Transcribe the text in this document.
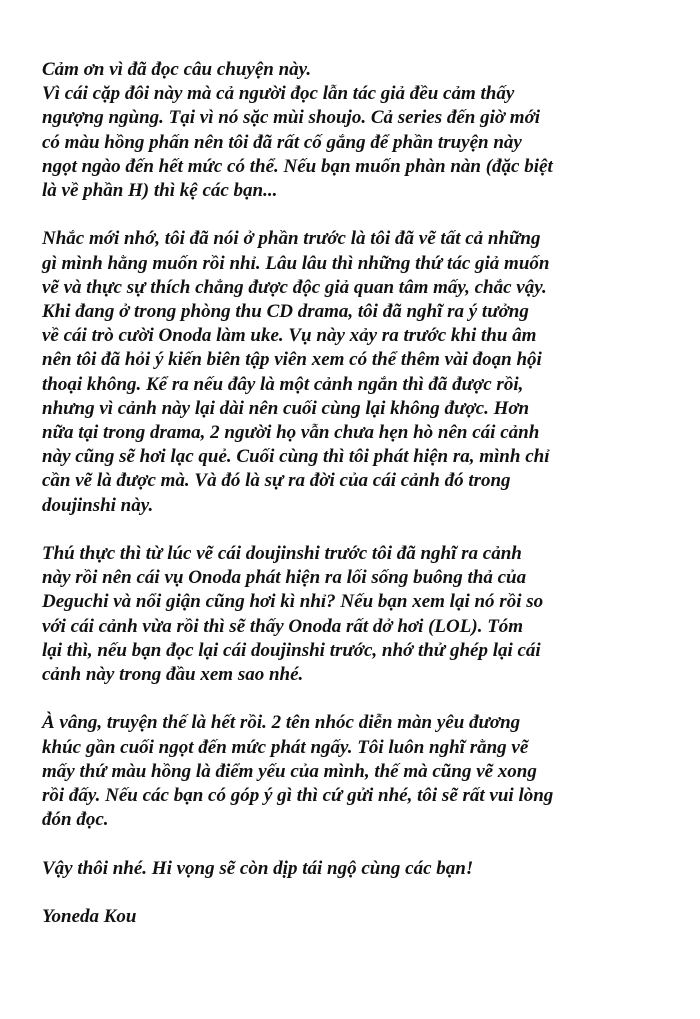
Cảm ơn vì đã đọc câu chuyện này.
Vì cái cặp đôi này mà cả người đọc lẫn tác giả đều cảm thấy
ngượng ngùng. Tại vì nó sặc mùi shoujo. Cả series đến giờ mới
có màu hồng phấn nên tôi đã rất cố gắng để phần truyện này
ngọt ngào đến hết mức có thể. Nếu bạn muốn phàn nàn (đặc biệt
là về phần H) thì kệ các bạn...
Nhắc mới nhớ, tôi đã nói ở phần trước là tôi đã vẽ tất cả những
gì mình hằng muốn rồi nhỉ. Lâu lâu thì những thứ tác giả muốn
vẽ và thực sự thích chẳng được độc giả quan tâm mấy, chắc vậy.
Khi đang ở trong phòng thu CD drama, tôi đã nghĩ ra ý tưởng
về cái trò cười Onoda làm uke. Vụ này xảy ra trước khi thu âm
nên tôi đã hỏi ý kiến biên tập viên xem có thể thêm vài đoạn hội
thoại không. Kể ra nếu đây là một cảnh ngắn thì đã được rồi,
nhưng vì cảnh này lại dài nên cuối cùng lại không được. Hơn
nữa tại trong drama, 2 người họ vẫn chưa hẹn hò nên cái cảnh
này cũng sẽ hơi lạc quẻ. Cuối cùng thì tôi phát hiện ra, mình chỉ
cần vẽ là được mà. Và đó là sự ra đời của cái cảnh đó trong
doujinshi này.
Thú thực thì từ lúc vẽ cái doujinshi trước tôi đã nghĩ ra cảnh
này rồi nên cái vụ Onoda phát hiện ra lối sống buông thả của
Deguchi và nổi giận cũng hơi kì nhỉ? Nếu bạn xem lại nó rồi so
với cái cảnh vừa rồi thì sẽ thấy Onoda rất dở hơi (LOL). Tóm
lại thì, nếu bạn đọc lại cái doujinshi trước, nhớ thử ghép lại cái
cảnh này trong đầu xem sao nhé.
À vâng, truyện thế là hết rồi. 2 tên nhóc diễn màn yêu đương
khúc gần cuối ngọt đến mức phát ngấy. Tôi luôn nghĩ rằng vẽ
mấy thứ màu hồng là điểm yếu của mình, thế mà cũng vẽ xong
rồi đấy. Nếu các bạn có góp ý gì thì cứ gửi nhé, tôi sẽ rất vui lòng
đón đọc.
Vậy thôi nhé. Hi vọng sẽ còn dịp tái ngộ cùng các bạn!
Yoneda Kou
